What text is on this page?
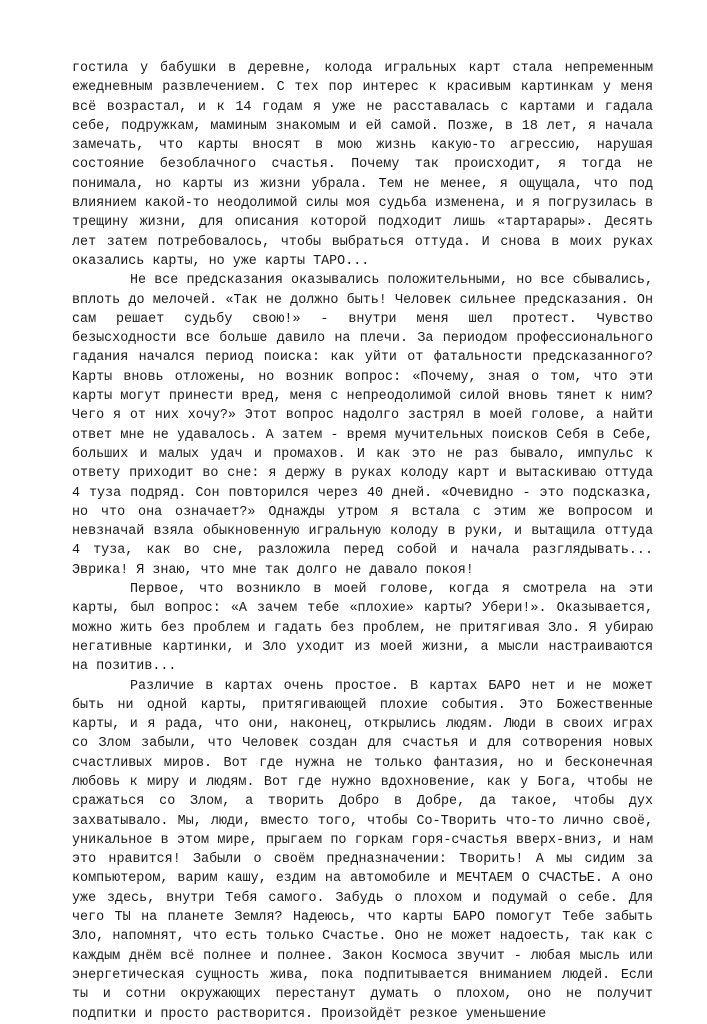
гостила у бабушки в деревне, колода игральных карт стала непременным ежедневным развлечением. С тех пор интерес к красивым картинкам у меня всё возрастал, и к 14 годам я уже не расставалась с картами и гадала себе, подружкам, маминым знакомым и ей самой. Позже, в 18 лет, я начала замечать, что карты вносят в мою жизнь какую-то агрессию, нарушая состояние безоблачного счастья. Почему так происходит, я тогда не понимала, но карты из жизни убрала. Тем не менее, я ощущала, что под влиянием какой-то неодолимой силы моя судьба изменена, и я погрузилась в трещину жизни, для описания которой подходит лишь «тартарары». Десять лет затем потребовалось, чтобы выбраться оттуда. И снова в моих руках оказались карты, но уже карты ТАРО...

Не все предсказания оказывались положительными, но все сбывались, вплоть до мелочей. «Так не должно быть! Человек сильнее предсказания. Он сам решает судьбу свою!» - внутри меня шел протест. Чувство безысходности все больше давило на плечи. За периодом профессионального гадания начался период поиска: как уйти от фатальности предсказанного? Карты вновь отложены, но возник вопрос: «Почему, зная о том, что эти карты могут принести вред, меня с непреодолимой силой вновь тянет к ним? Чего я от них хочу?» Этот вопрос надолго застрял в моей голове, а найти ответ мне не удавалось. А затем - время мучительных поисков Себя в Себе, больших и малых удач и промахов. И как это не раз бывало, импульс к ответу приходит во сне: я держу в руках колоду карт и вытаскиваю оттуда 4 туза подряд. Сон повторился через 40 дней. «Очевидно - это подсказка, но что она означает?» Однажды утром я встала с этим же вопросом и невзначай взяла обыкновенную игральную колоду в руки, и вытащила оттуда 4 туза, как во сне, разложила перед собой и начала разглядывать... Эврика! Я знаю, что мне так долго не давало покоя!

Первое, что возникло в моей голове, когда я смотрела на эти карты, был вопрос: «А зачем тебе «плохие» карты? Убери!». Оказывается, можно жить без проблем и гадать без проблем, не притягивая Зло. Я убираю негативные картинки, и Зло уходит из моей жизни, а мысли настраиваются на позитив...

Различие в картах очень простое. В картах БАРО нет и не может быть ни одной карты, притягивающей плохие события. Это Божественные карты, и я рада, что они, наконец, открылись людям. Люди в своих играх со Злом забыли, что Человек создан для счастья и для сотворения новых счастливых миров. Вот где нужна не только фантазия, но и бесконечная любовь к миру и людям. Вот где нужно вдохновение, как у Бога, чтобы не сражаться со Злом, а творить Добро в Добре, да такое, чтобы дух захватывало. Мы, люди, вместо того, чтобы Со-Творить что-то лично своё, уникальное в этом мире, прыгаем по горкам горя-счастья вверх-вниз, и нам это нравится! Забыли о своём предназначении: Творить! А мы сидим за компьютером, варим кашу, ездим на автомобиле и МЕЧТАЕМ О СЧАСТЬЕ. А оно уже здесь, внутри Тебя самого. Забудь о плохом и подумай о себе. Для чего ТЫ на планете Земля? Надеюсь, что карты БАРО помогут Тебе забыть Зло, напомнят, что есть только Счастье. Оно не может надоесть, так как с каждым днём всё полнее и полнее. Закон Космоса звучит - любая мысль или энергетическая сущность жива, пока подпитывается вниманием людей. Если ты и сотни окружающих перестанут думать о плохом, оно не получит подпитки и просто растворится. Произойдёт резкое уменьшение
